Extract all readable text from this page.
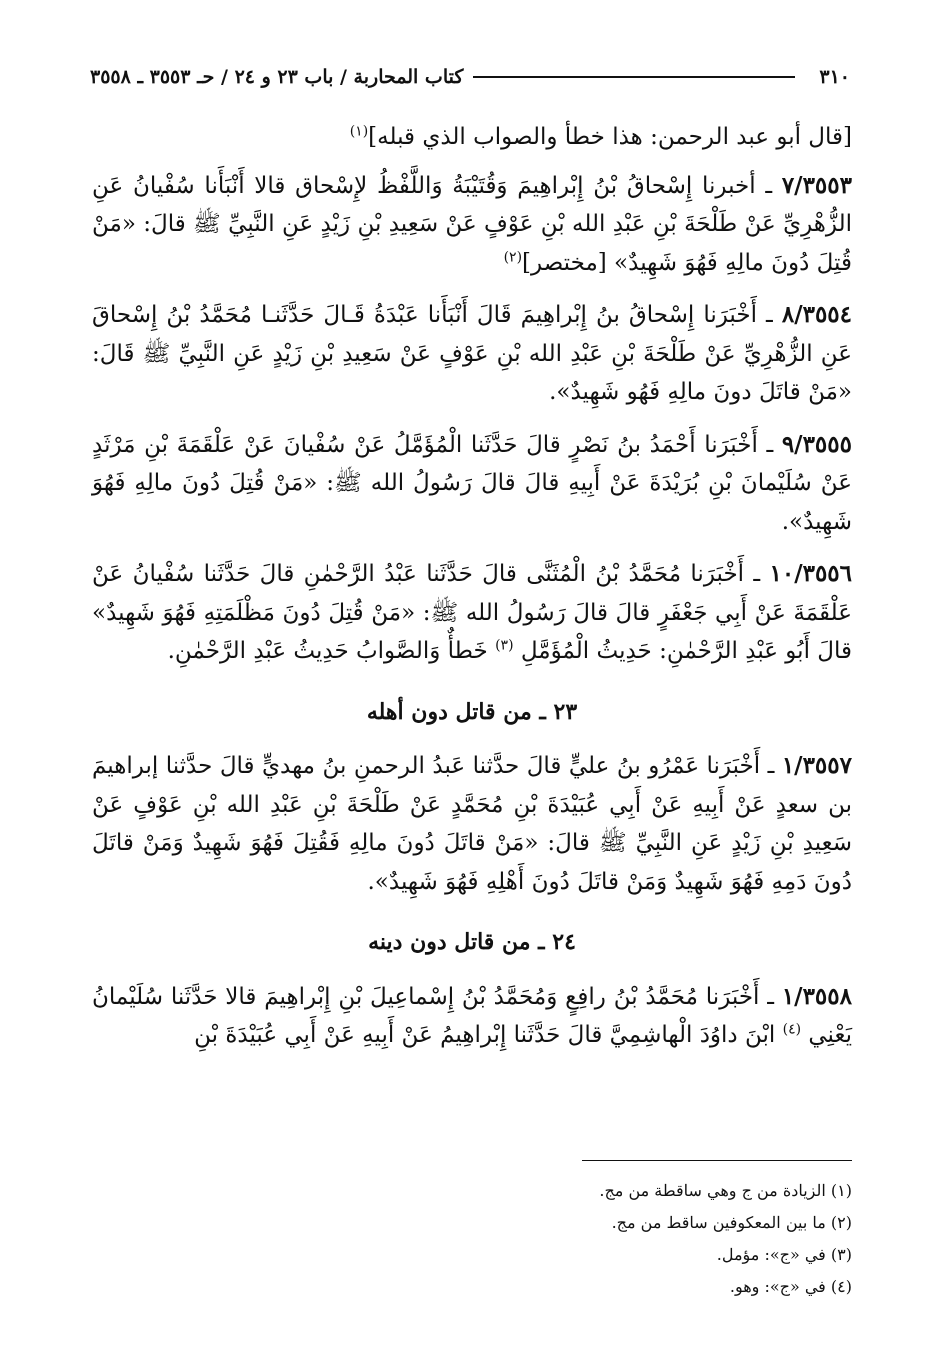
٣١٠
كتاب المحاربة / باب ٢٣ و ٢٤ / حـ ٣٥٥٣ ـ ٣٥٥٨

[قال أبو عبد الرحمن: هذا خطأ والصواب الذي قبله]$^{(١)}$

٧/٣٥٥٣ ـ أخبرنا إِسْحاقُ بْنُ إِبْراهِيمَ وَقُتَيْبَةُ وَاللَّفْظُ لإِسْحاق قالا أَنْبَأَنا سُفْيانُ عَنِ الزُّهْرِيِّ عَنْ طَلْحَةَ بْنِ عَبْدِ الله بْنِ عَوْفٍ عَنْ سَعِيدِ بْنِ زَيْدٍ عَنِ النَّبِيِّ ﷺ قالَ: «مَنْ قُتِلَ دُونَ مالِهِ فَهُوَ شَهِيدٌ» [مختصر]$^{(٢)}$

٨/٣٥٥٤ ـ أَخْبَرَنا إِسْحاقُ بنُ إِبْراهِيمَ قَالَ أَنْبَأَنا عَبْدَةُ قَـالَ حَدَّثَنـا مُحَمَّدُ بْنُ إِسْحاقَ عَنِ الزُّهْرِيِّ عَنْ طَلْحَةَ بْنِ عَبْدِ الله بْنِ عَوْفٍ عَنْ سَعِيدِ بْنِ زَيْدٍ عَنِ النَّبِيِّ ﷺ قَالَ: «مَنْ قاتَلَ دونَ مالِهِ فَهُو شَهِيدٌ».

٩/٣٥٥٥ ـ أَخْبَرَنا أَحْمَدُ بنُ نَصْرٍ قالَ حَدَّثَنا الْمُؤَمَّلُ عَنْ سُفْيانَ عَنْ عَلْقَمَةَ بْنِ مَرْثَدٍ عَنْ سُلَيْمانَ بْنِ بُرَيْدَةَ عَنْ أَبِيهِ قالَ قالَ رَسُولُ الله ﷺ: «مَنْ قُتِلَ دُونَ مالِهِ فَهُوَ شَهِيدٌ».

١٠/٣٥٥٦ ـ أَخْبَرَنا مُحَمَّدُ بْنُ الْمُثَنَّى قالَ حَدَّثَنا عَبْدُ الرَّحْمٰنِ قالَ حَدَّثَنا سُفْيانُ عَنْ عَلْقَمَةَ عَنْ أَبِي جَعْفَرٍ قالَ قالَ رَسُولُ الله ﷺ: «مَنْ قُتِلَ دُونَ مَظْلَمَتِهِ فَهُوَ شَهِيدٌ» قالَ أَبُو عَبْدِ الرَّحْمٰنِ: حَدِيثُ الْمُؤَمَّلِ $^{(٣)}$ خَطأٌ وَالصَّوابُ حَدِيثُ عَبْدِ الرَّحْمٰنِ.

٢٣ ـ من قاتل دون أهله

١/٣٥٥٧ ـ أَخْبَرَنا عَمْرُو بنُ عليٍّ قالَ حدَّثنا عَبدُ الرحمنِ بنُ مهديٍّ قالَ حدَّثنا إبراهيمَ بن سعدٍ عَنْ أَبِيهِ عَنْ أَبِي عُبَيْدَةَ بْنِ مُحَمَّدٍ عَنْ طَلْحَةَ بْنِ عَبْدِ الله بْنِ عَوْفٍ عَنْ سَعِيدِ بْنِ زَيْدٍ عَنِ النَّبِيِّ ﷺ قالَ: «مَنْ قاتَلَ دُونَ مالِهِ فَقُتِلَ فَهُوَ شَهِيدٌ وَمَنْ قاتَلَ دُونَ دَمِهِ فَهُوَ شَهِيدٌ وَمَنْ قاتَلَ دُونَ أَهْلِهِ فَهُوَ شَهِيدٌ».

٢٤ ـ من قاتل دون دينه

١/٣٥٥٨ ـ أَخْبَرَنا مُحَمَّدُ بْنُ رافِعٍ وَمُحَمَّدُ بْنُ إِسْماعِيلَ بْنِ إِبْراهِيمَ قالا حَدَّثَنا سُلَيْمانُ يَعْنِي $^{(٤)}$ ابْنَ داوُدَ الْهاشِمِيَّ قالَ حَدَّثَنا إِبْراهِيمُ عَنْ أَبِيهِ عَنْ أَبِي عُبَيْدَةَ بْنِ

(١) الزيادة من ج وهي ساقطة من مج.

(٢) ما بين المعكوفين ساقط من مج.

(٣) في «ج»: مؤمل.

(٤) في «ج»: وهو.
